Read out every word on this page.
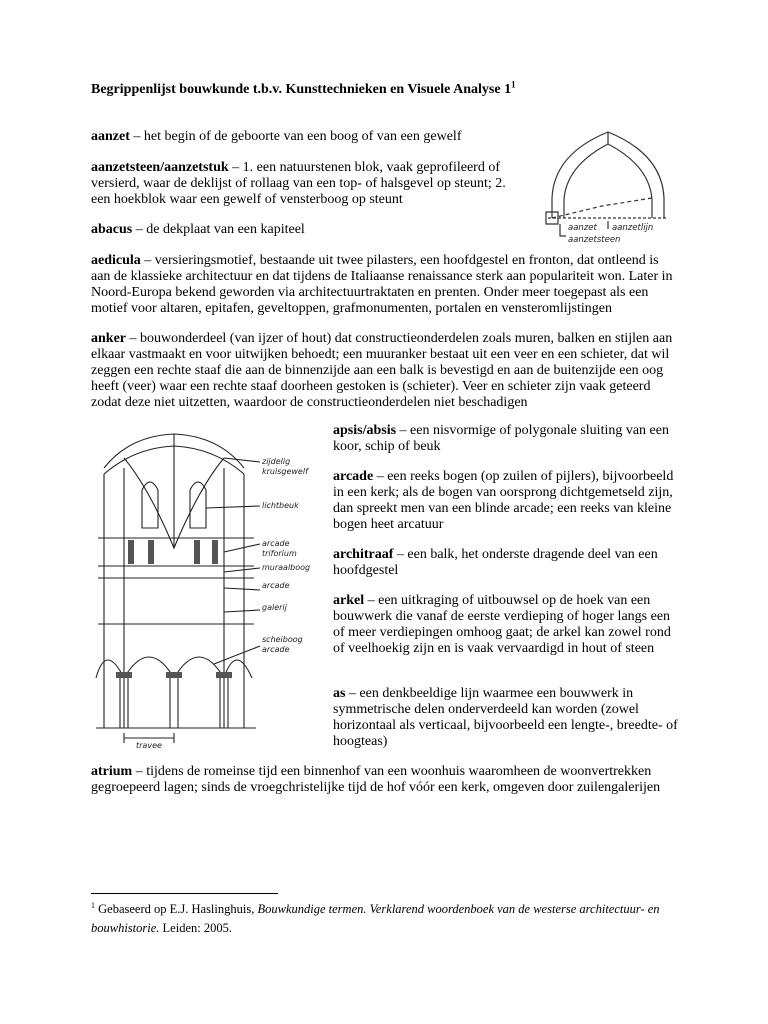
Begrippenlijst bouwkunde t.b.v. Kunsttechnieken en Visuele Analyse $1^1$

aanzet – het begin of de geboorte van een boog of van een gewelf

aanzetsteen/aanzetstuk – 1. een natuurstenen blok, vaak geprofileerd of versierd, waar de deklijst of rollaag van een top- of halsgevel op steunt; 2. een hoekblok waar een gewelf of vensterboog op steunt

abacus – de dekplaat van een kapiteel

aedicula – versieringsmotief, bestaande uit twee pilasters, een hoofdgestel en fronton, dat ontleend is aan de klassieke architectuur en dat tijdens de Italiaanse renaissance sterk aan populariteit won. Later in Noord-Europa bekend geworden via architectuurtraktaten en prenten. Onder meer toegepast als een motief voor altaren, epitafen, geveltoppen, grafmonumenten, portalen en vensteromlijstingen

anker – bouwonderdeel (van ijzer of hout) dat constructieonderdelen zoals muren, balken en stijlen aan elkaar vastmaakt en voor uitwijken behoedt; een muuranker bestaat uit een veer en een schieter, dat wil zeggen een rechte staaf die aan de binnenzijde aan een balk is bevestigd en aan de buitenzijde een oog heeft (veer) waar een rechte staaf doorheen gestoken is (schieter). Veer en schieter zijn vaak geteerd zodat deze niet uitzetten, waardoor de constructieonderdelen niet beschadigen

apsis/absis – een nisvormige of polygonale sluiting van een koor, schip of beuk

arcade – een reeks bogen (op zuilen of pijlers), bijvoorbeeld in een kerk; als de bogen van oorsprong dichtgemetseld zijn, dan spreekt men van een blinde arcade; een reeks van kleine bogen heet arcatuur

architraaf – een balk, het onderste dragende deel van een hoofdgestel

arkel – een uitkraging of uitbouwsel op de hoek van een bouwwerk die vanaf de eerste verdieping of hoger langs een of meer verdiepingen omhoog gaat; de arkel kan zowel rond of veelhoekig zijn en is vaak vervaardigd in hout of steen

as – een denkbeeldige lijn waarmee een bouwwerk in symmetrische delen onderverdeeld kan worden (zowel horizontaal als verticaal, bijvoorbeeld een lengte-, breedte- of hoogteas)

atrium – tijdens de romeinse tijd een binnenhof van een woonhuis waaromheen de woonvertrekken gegroepeerd lagen; sinds de vroegchristelijke tijd de hof vóór een kerk, omgeven door zuilengalerijen

aanzet aanzetlijn
aanzetsteen
zijdelig
kruisgewelf
lichtbeuk
arcade
triforium
muraalboog
arcade
galerij
scheiboog
arcade
travee
$^1$ Gebaseerd op E.J. Haslinghuis, Bouwkundige termen. Verklarend woordenboek van de westerse architectuur- en bouwhistorie. Leiden: 2005.
